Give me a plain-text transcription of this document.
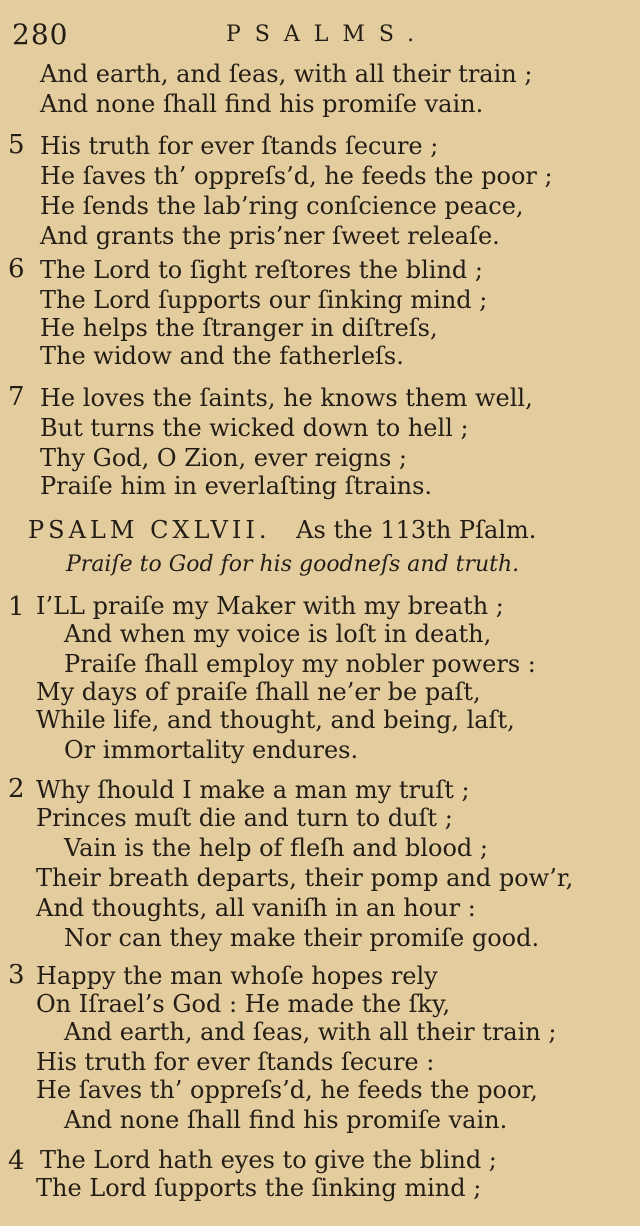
280	PSALMS.
And earth, and ſeas, with all their train ;
And none ſhall find his promiſe vain.
5 His truth for ever ſtands ſecure ;
He ſaves th’ oppreſs’d, he feeds the poor ;
He ſends the lab’ring conſcience peace,
And grants the pris’ner ſweet releaſe.
6 The Lord to ſight reſtores the blind ;
The Lord ſupports our ſinking mind ;
He helps the ſtranger in diſtreſs,
The widow and the fatherleſs.
7 He loves the ſaints, he knows them well,
But turns the wicked down to hell ;
Thy God, O Zion, ever reigns ;
Praiſe him in everlaſting ſtrains.
PSALM CXLVII. As the 113th Pſalm.
Praiſe to God for his goodneſs and truth.
1 I’LL praiſe my Maker with my breath ;
And when my voice is loſt in death,
Praiſe ſhall employ my nobler powers :
My days of praiſe ſhall ne’er be paſt,
While life, and thought, and being, laſt,
Or immortality endures.
2 Why ſhould I make a man my truſt ;
Princes muſt die and turn to duſt ;
Vain is the help of fleſh and blood ;
Their breath departs, their pomp and pow’r,
And thoughts, all vaniſh in an hour :
Nor can they make their promiſe good.
3 Happy the man whoſe hopes rely
On Iſrael’s God : He made the ſky,
And earth, and ſeas, with all their train ;
His truth for ever ſtands ſecure :
He ſaves th’ oppreſs’d, he feeds the poor,
And none ſhall find his promiſe vain.
4 The Lord hath eyes to give the blind ;
The Lord ſupports the ſinking mind ;
